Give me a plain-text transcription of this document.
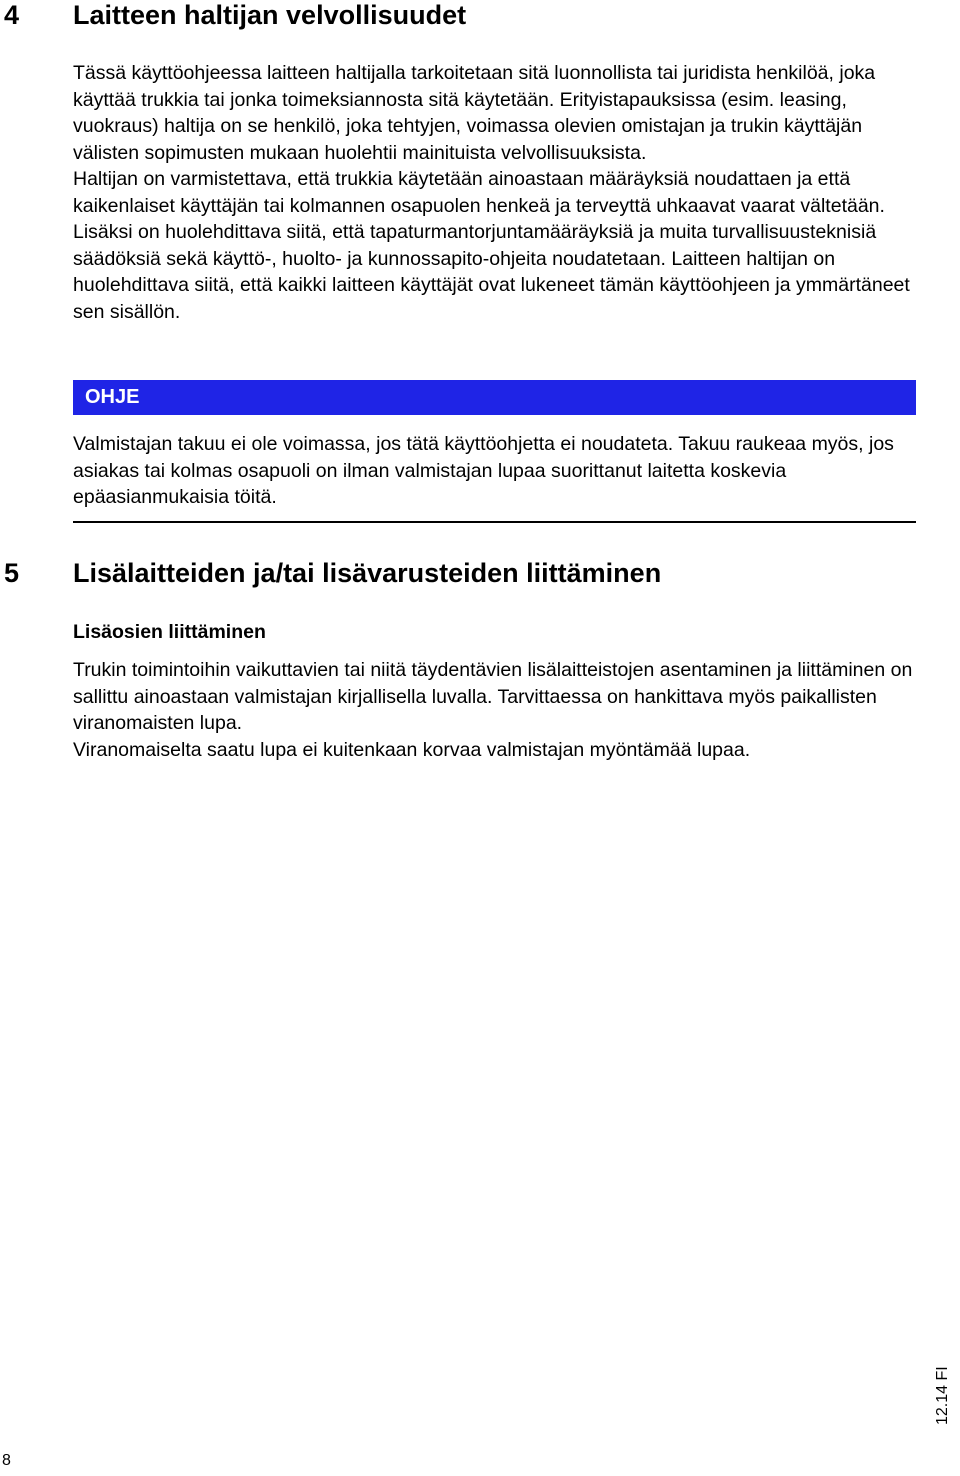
4 Laitteen haltijan velvollisuudet

Tässä käyttöohjeessa laitteen haltijalla tarkoitetaan sitä luonnollista tai juridista henkilöä, joka käyttää trukkia tai jonka toimeksiannosta sitä käytetään. Erityistapauksissa (esim. leasing, vuokraus) haltija on se henkilö, joka tehtyjen, voimassa olevien omistajan ja trukin käyttäjän välisten sopimusten mukaan huolehtii mainituista velvollisuuksista.

Haltijan on varmistettava, että trukkia käytetään ainoastaan määräyksiä noudattaen ja että kaikenlaiset käyttäjän tai kolmannen osapuolen henkeä ja terveyttä uhkaavat vaarat vältetään. Lisäksi on huolehdittava siitä, että tapaturmantorjuntamääräyksiä ja muita turvallisuusteknisiä säädöksiä sekä käyttö-, huolto- ja kunnossapito-ohjeita noudatetaan. Laitteen haltijan on huolehdittava siitä, että kaikki laitteen käyttäjät ovat lukeneet tämän käyttöohjeen ja ymmärtäneet sen sisällön.

OHJE

Valmistajan takuu ei ole voimassa, jos tätä käyttöohjetta ei noudateta. Takuu raukeaa myös, jos asiakas tai kolmas osapuoli on ilman valmistajan lupaa suorittanut laitetta koskevia epäasianmukaisia töitä.

5 Lisälaitteiden ja/tai lisävarusteiden liittäminen
Lisäosien liittäminen

Trukin toimintoihin vaikuttavien tai niitä täydentävien lisälaitteistojen asentaminen ja liittäminen on sallittu ainoastaan valmistajan kirjallisella luvalla. Tarvittaessa on hankittava myös paikallisten viranomaisten lupa.

Viranomaiselta saatu lupa ei kuitenkaan korvaa valmistajan myöntämää lupaa.

12.14 FI
8
